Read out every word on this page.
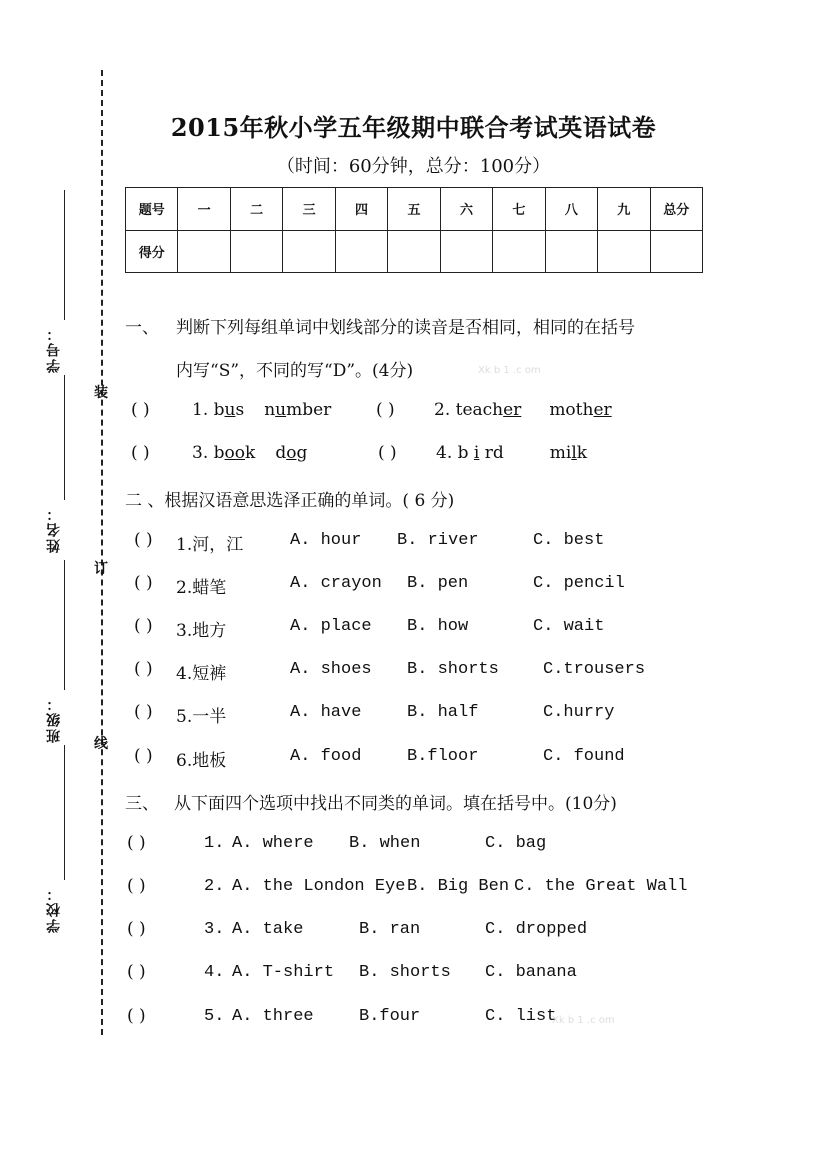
学号：
姓名：
班级：
学校：
装
订
线
2015年秋小学五年级期中联合考试英语试卷
（时间：60分钟，总分：100分）
题号	一	二	三	四	五	六	七	八	九	总分
得分										
一、 判断下列每组单词中划线部分的读音是否相同，相同的在括号
内写“S”，不同的写“D”。(4分)	Xk b 1 .c om
( ) 1. bus number	( ) 2. teacher mother
( ) 3. book dog	( ) 4. b i rd	milk
二 、根据汉语意思选泽正确的单词。( 6 分)
( ) 1.河，江	A. hour B. river	C. best
( ) 2.蜡笔	A. crayon B. pen	C. pencil
( ) 3.地方	A. place B. how	C. wait
( ) 4.短裤	A. shoes B. shorts	C.trousers
( ) 5.一半	A. have	B. half	C.hurry
( ) 6.地板	A. food	B.floor	C. found
三、 从下面四个选项中找出不同类的单词。填在括号中。(10分)
( )	1. A. where B. when	C. bag
( )	2. A. the London Eye B. Big Ben C. the Great Wall
( )	3. A. take	B. ran	C. dropped
( )	4. A. T-shirt B. shorts C. banana
( )	5. A. three	B.four	C. list
Xk b 1 .c om
